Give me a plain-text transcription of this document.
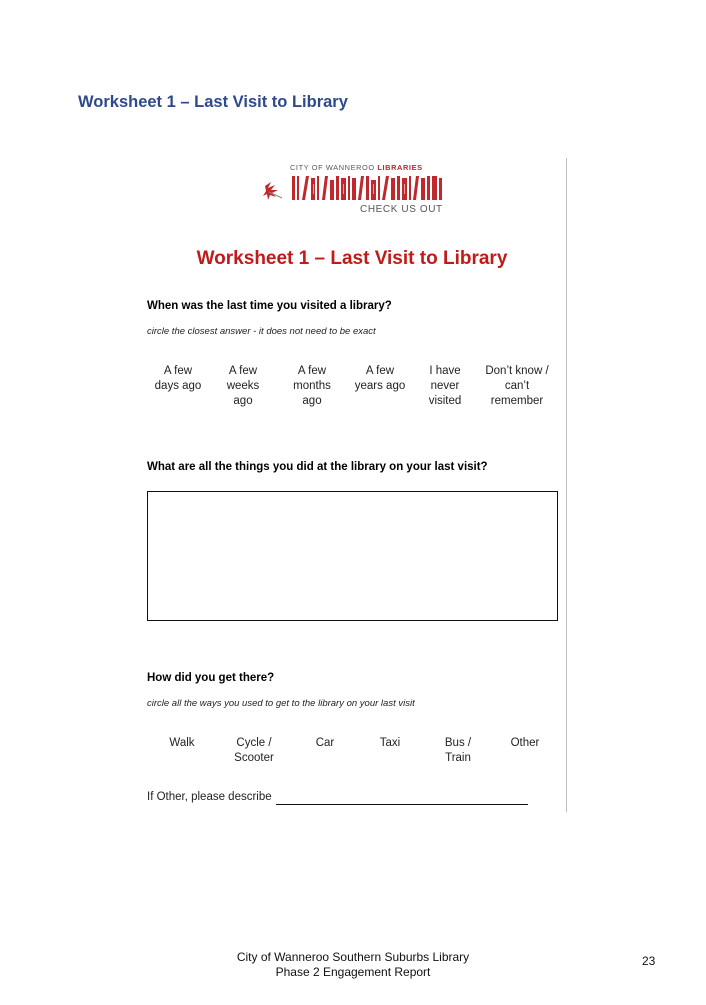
Worksheet 1 – Last Visit to Library
CITY OF WANNEROO LIBRARIES
CHECK US OUT
Worksheet 1 – Last Visit to Library

When was the last time you visited a library?

circle the closest answer - it does not need to be exact

A few
days ago
A few
weeks
ago
A few
months
ago
A few
years ago
I have
never
visited
Don’t know /
can’t
remember

What are all the things you did at the library on your last visit?

How did you get there?

circle all the ways you used to get to the library on your last visit

Walk	Cycle /
Scooter
Car	Taxi	Bus /
Train
Other
If Other, please describe
City of Wanneroo Southern Suburbs Library
Phase 2 Engagement Report
23
